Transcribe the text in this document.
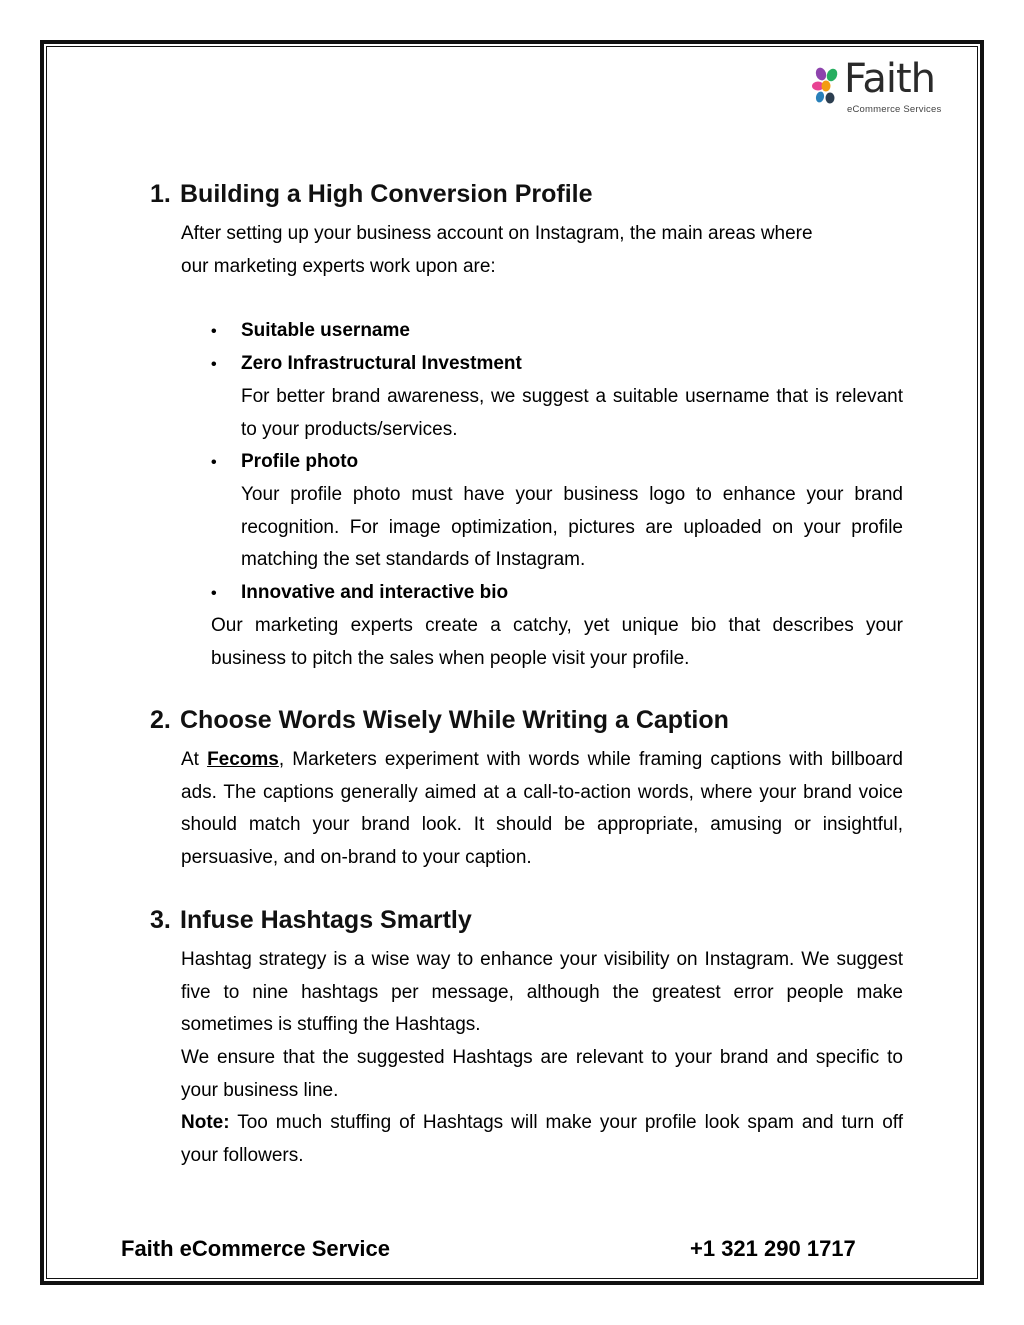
Faith
eCommerce Services
1. Building a High Conversion Profile

After setting up your business account on Instagram, the main areas where

our marketing experts work upon are:

• Suitable username
• Zero Infrastructural Investment

For better brand awareness, we suggest a suitable username that is relevant to your products/services.

• Profile photo

Your profile photo must have your business logo to enhance your brand recognition. For image optimization, pictures are uploaded on your profile matching the set standards of Instagram.

• Innovative and interactive bio

Our marketing experts create a catchy, yet unique bio that describes your business to pitch the sales when people visit your profile.

2. Choose Words Wisely While Writing a Caption

At Fecoms, Marketers experiment with words while framing captions with billboard ads. The captions generally aimed at a call-to-action words, where your brand voice should match your brand look. It should be appropriate, amusing or insightful, persuasive, and on-brand to your caption.

3. Infuse Hashtags Smartly

Hashtag strategy is a wise way to enhance your visibility on Instagram. We suggest five to nine hashtags per message, although the greatest error people make sometimes is stuffing the Hashtags.

We ensure that the suggested Hashtags are relevant to your brand and specific to your business line.

Note: Too much stuffing of Hashtags will make your profile look spam and turn off your followers.

Faith eCommerce Service	+1 321 290 1717
